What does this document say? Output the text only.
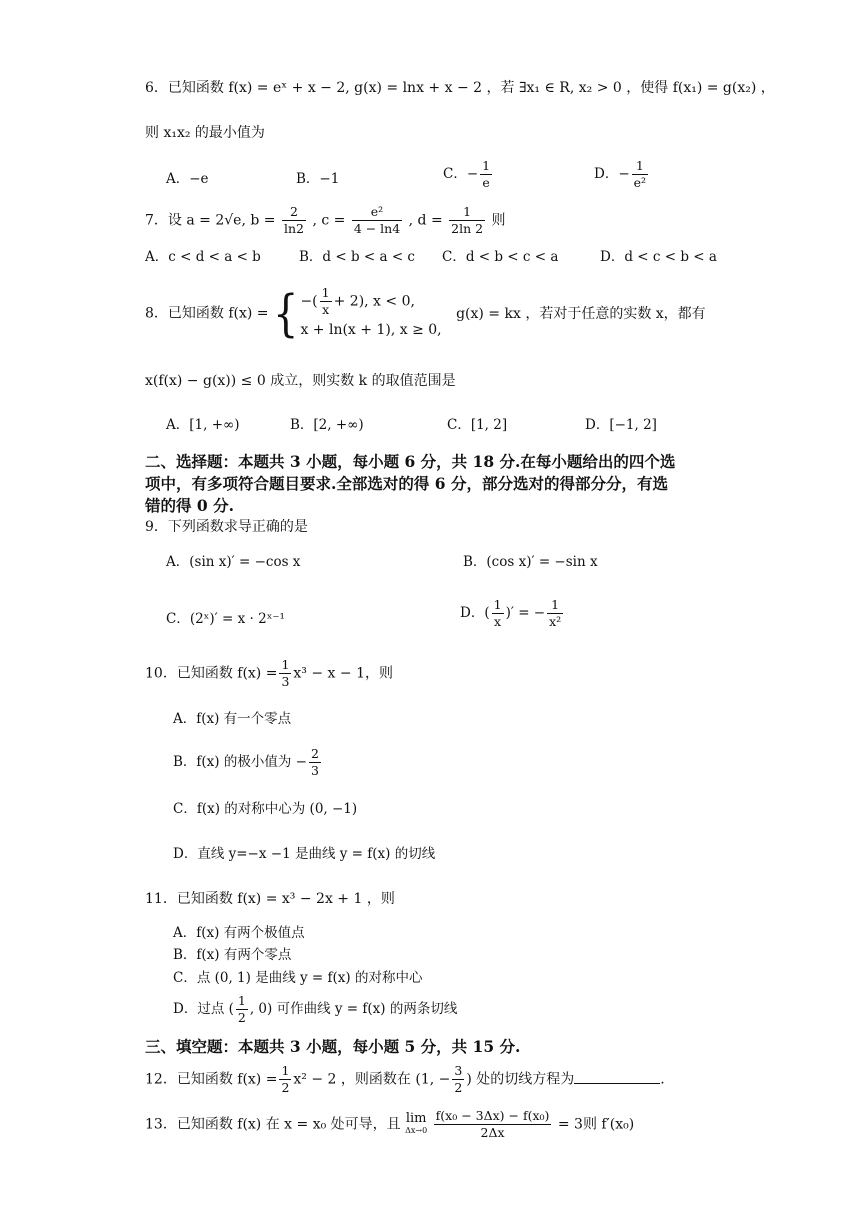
6．已知函数 f(x) = eˣ + x − 2, g(x) = lnx + x − 2 ，若 ∃x₁ ∈ R, x₂ > 0 ，使得 f(x₁) = g(x₂) ，
则 x₁x₂ 的最小值为
A．−e	B．−1	C．− $\frac{1}{e}$	D．− $\frac{1}{\text{e²}}$
7．设 a = 2√e, $b = \frac{2}{\ln 2}$ , $c = \frac{\text{e²}}{4 - \ln 4}$ , $d = \frac{1}{2\ln 2}$ 则
A．c < d < a < b	B．d < b < a < c C．d < b < c < a	D．d < c < b < a
8．已知函数 f(x) = { −( $\frac{1}{x} + 2$), x < 0,
x + ln(x + 1), x ≥ 0,
g(x) = kx ，若对于任意的实数 x，都有
x(f(x) − g(x)) ≤ 0 成立，则实数 k 的取值范围是
A．[1, +∞)	B．[2, +∞)	C．[1, 2]	D．[−1, 2]
二、选择题：本题共 3 小题，每小题 6 分，共 18 分.在每小题给出的四个选
项中，有多项符合题目要求.全部选对的得 6 分，部分选对的得部分分，有选
错的得 0 分.
9．下列函数求导正确的是
A．(sin x)′ = −cos x	B．(cos x)′ = −sin x
C．(2ˣ)′ = x · 2ˣ⁻¹	D．( $\frac{1}{x}$ )′ = − $\frac{1}{\text{x²}}$
10．已知函数 $f(x) = \frac{1}{3} x^3 - x - 1$，则
A．f(x) 有一个零点
B．f(x) 的极小值为 − $\frac{2}{3}$
C．f(x) 的对称中心为 (0, −1)
D．直线 y=−x −1 是曲线 y = f(x) 的切线
11．已知函数 f(x) = x³ − 2x + 1 ，则
A．f(x) 有两个极值点
B．f(x) 有两个零点
C．点 (0, 1) 是曲线 y = f(x) 的对称中心
D．过点 ( $\frac{1}{2}$ , 0) 可作曲线 y = f(x) 的两条切线
三、填空题：本题共 3 小题，每小题 5 分，共 15 分.
12．已知函数 $f(x) = \frac{1}{2} x^2 - 2$ ，则函数在 (1, − $\frac{3}{2}$ ) 处的切线方程为	.
13．已知函数 f(x) 在 x = x₀ 处可导，且 lim
Δx→0
$\frac{\text{f(x₀ − 3Δx) − f(x₀)}}{2\Delta x} = 3$则 f′(x₀)
